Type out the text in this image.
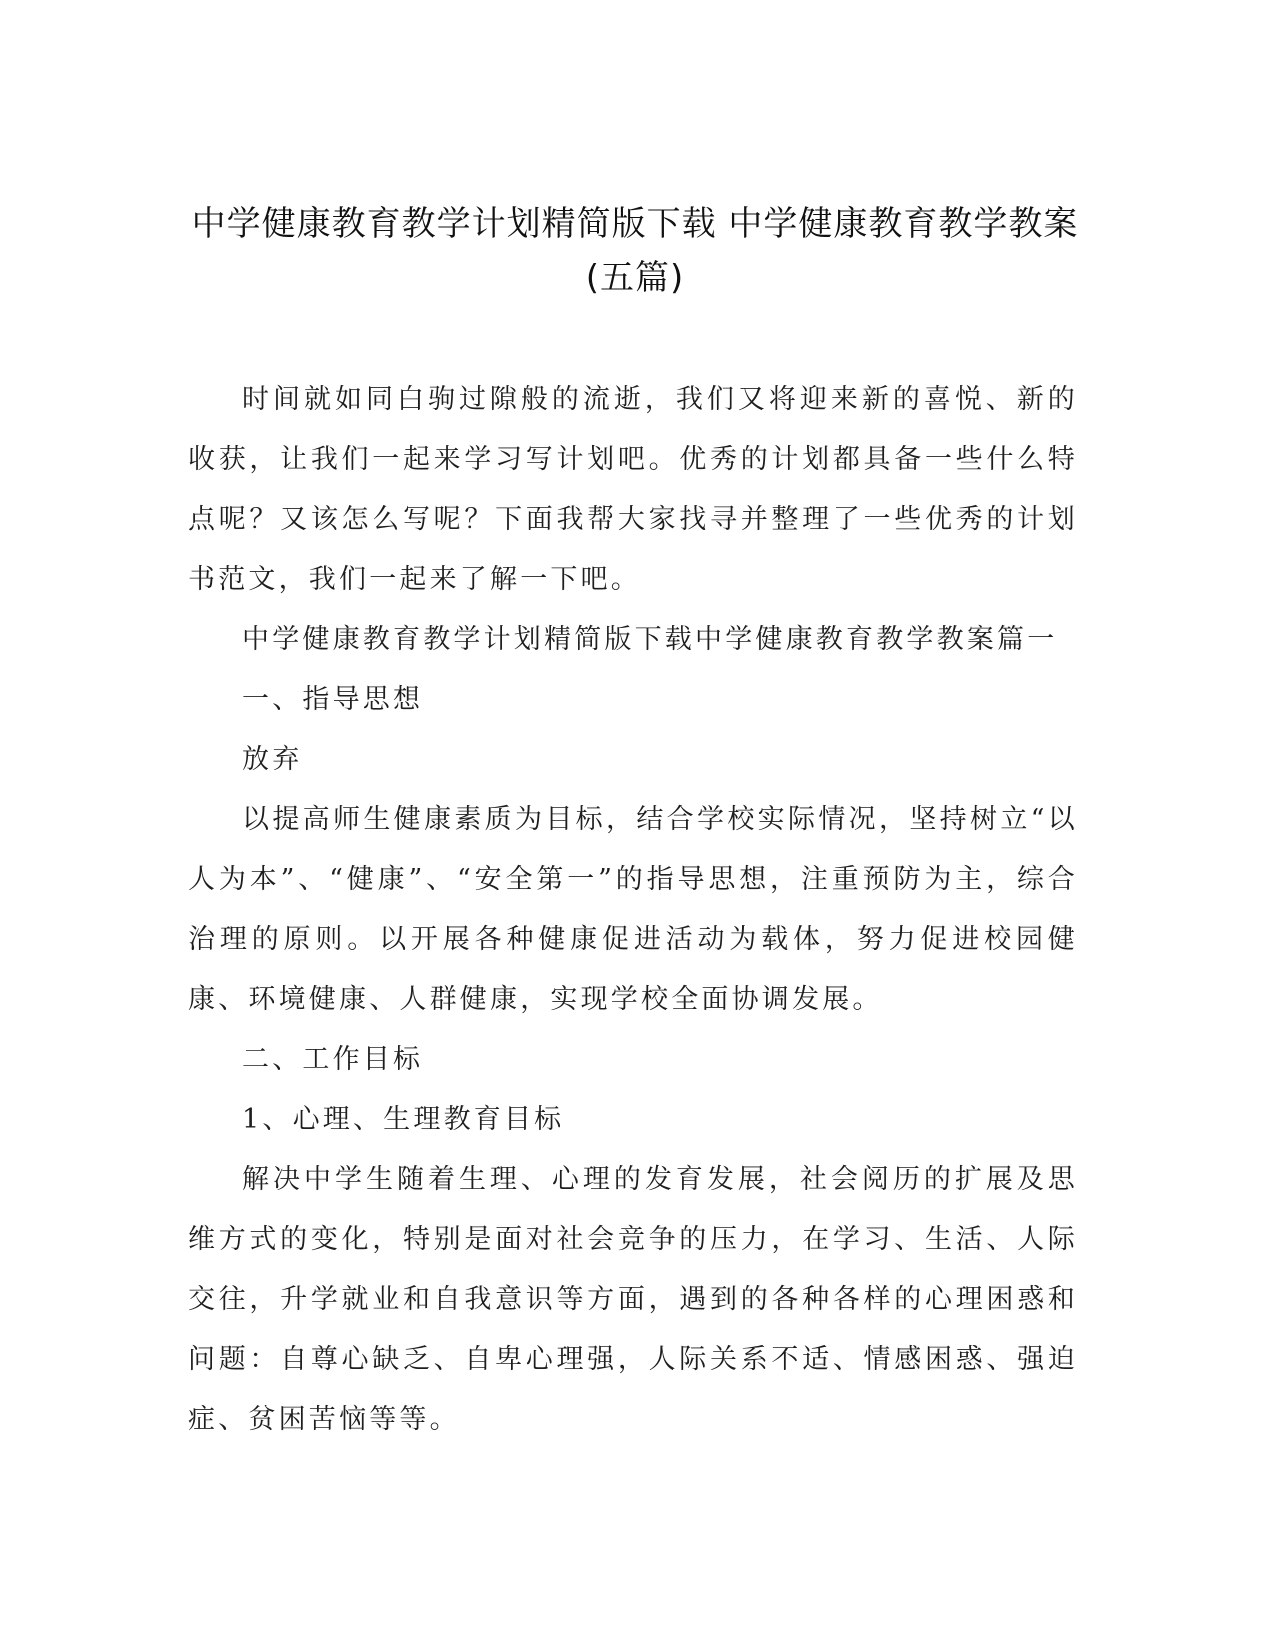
中学健康教育教学计划精简版下载 中学健康教育教学教案(五篇)

时间就如同白驹过隙般的流逝，我们又将迎来新的喜悦、新的收获，让我们一起来学习写计划吧。优秀的计划都具备一些什么特点呢？又该怎么写呢？下面我帮大家找寻并整理了一些优秀的计划书范文，我们一起来了解一下吧。

中学健康教育教学计划精简版下载中学健康教育教学教案篇一

一、指导思想

放弃

以提高师生健康素质为目标，结合学校实际情况，坚持树立“以人为本”、“健康”、“安全第一”的指导思想，注重预防为主，综合治理的原则。以开展各种健康促进活动为载体，努力促进校园健康、环境健康、人群健康，实现学校全面协调发展。

二、工作目标

1、心理、生理教育目标

解决中学生随着生理、心理的发育发展，社会阅历的扩展及思维方式的变化，特别是面对社会竞争的压力，在学习、生活、人际交往，升学就业和自我意识等方面，遇到的各种各样的心理困惑和问题：自尊心缺乏、自卑心理强，人际关系不适、情感困惑、强迫症、贫困苦恼等等。
